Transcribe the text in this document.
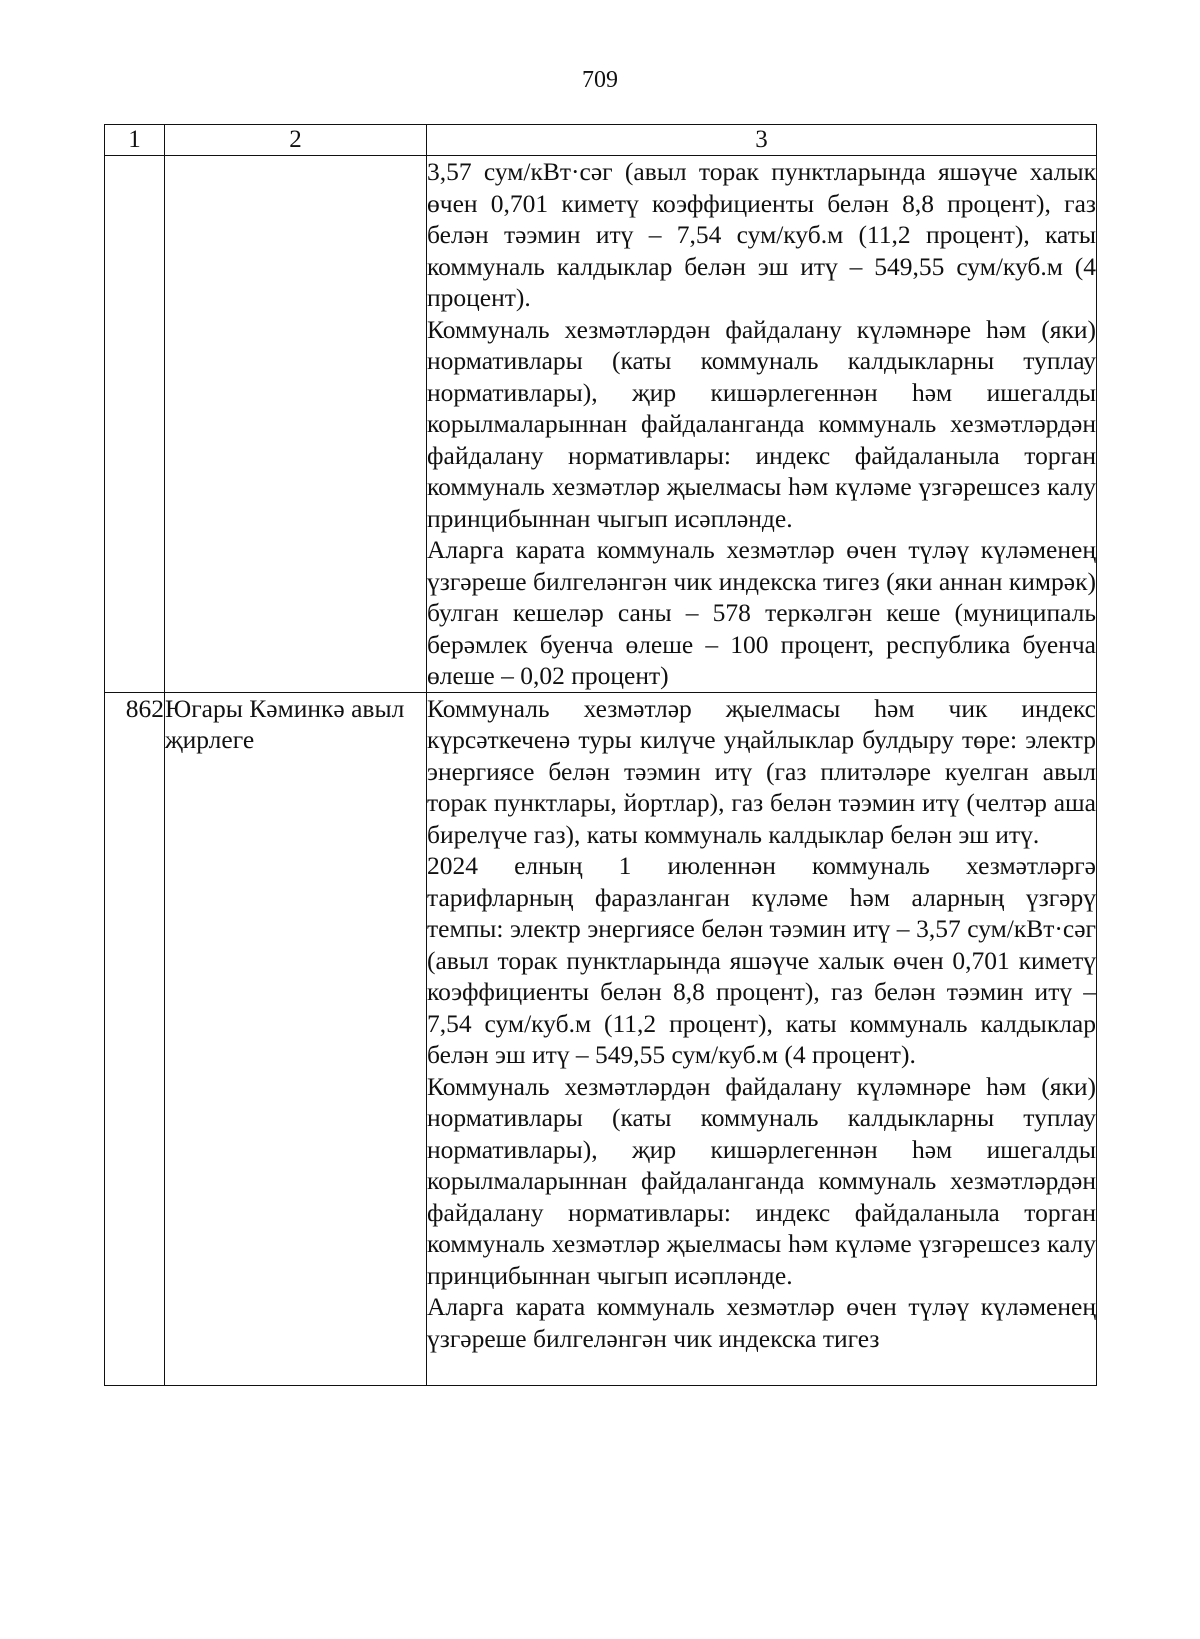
709
1	2	3

		3,57 сум/кВт·сәг (авыл торак пунктларында яшәүче халык өчен 0,701 киметү коэффициенты белән 8,8 процент), газ белән тәэмин итү – 7,54 сум/куб.м (11,2 процент), каты коммуналь калдыклар белән эш итү – 549,55 сум/куб.м (4 процент).

Коммуналь хезмәтләрдән файдалану күләмнәре һәм (яки) нормативлары (каты коммуналь калдыкларны туплау нормативлары), җир кишәрлегеннән һәм ишегалды корылмаларыннан файдаланганда коммуналь хезмәтләрдән файдалану нормативлары: индекс файдаланыла торган коммуналь хезмәтләр җыелмасы һәм күләме үзгәрешсез калу принцибыннан чыгып исәпләнде.

Аларга карата коммуналь хезмәтләр өчен түләү күләменең үзгәреше билгеләнгән чик индекска тигез (яки аннан кимрәк) булган кешеләр саны – 578 теркәлгән кеше (муниципаль берәмлек буенча өлеше – 100 процент, республика буенча өлеше – 0,02 процент)

862	Югары Кәминкә авыл җирлеге	Коммуналь хезмәтләр җыелмасы һәм чик индекс күрсәткеченә туры килүче уңайлыклар булдыру төре: электр энергиясе белән тәэмин итү (газ плитәләре куелган авыл торак пунктлары, йортлар), газ белән тәэмин итү (челтәр аша бирелүче газ), каты коммуналь калдыклар белән эш итү.

2024 елның 1 июленнән коммуналь хезмәтләргә тарифларның фаразланган күләме һәм аларның үзгәрү темпы: электр энергиясе белән тәэмин итү – 3,57 сум/кВт·сәг (авыл торак пунктларында яшәүче халык өчен 0,701 киметү коэффициенты белән 8,8 процент), газ белән тәэмин итү – 7,54 сум/куб.м (11,2 процент), каты коммуналь калдыклар белән эш итү – 549,55 сум/куб.м (4 процент).

Коммуналь хезмәтләрдән файдалану күләмнәре һәм (яки) нормативлары (каты коммуналь калдыкларны туплау нормативлары), җир кишәрлегеннән һәм ишегалды корылмаларыннан файдаланганда коммуналь хезмәтләрдән файдалану нормативлары: индекс файдаланыла торган коммуналь хезмәтләр җыелмасы һәм күләме үзгәрешсез калу принцибыннан чыгып исәпләнде.

Аларга карата коммуналь хезмәтләр өчен түләү күләменең үзгәреше билгеләнгән чик индекска тигез
